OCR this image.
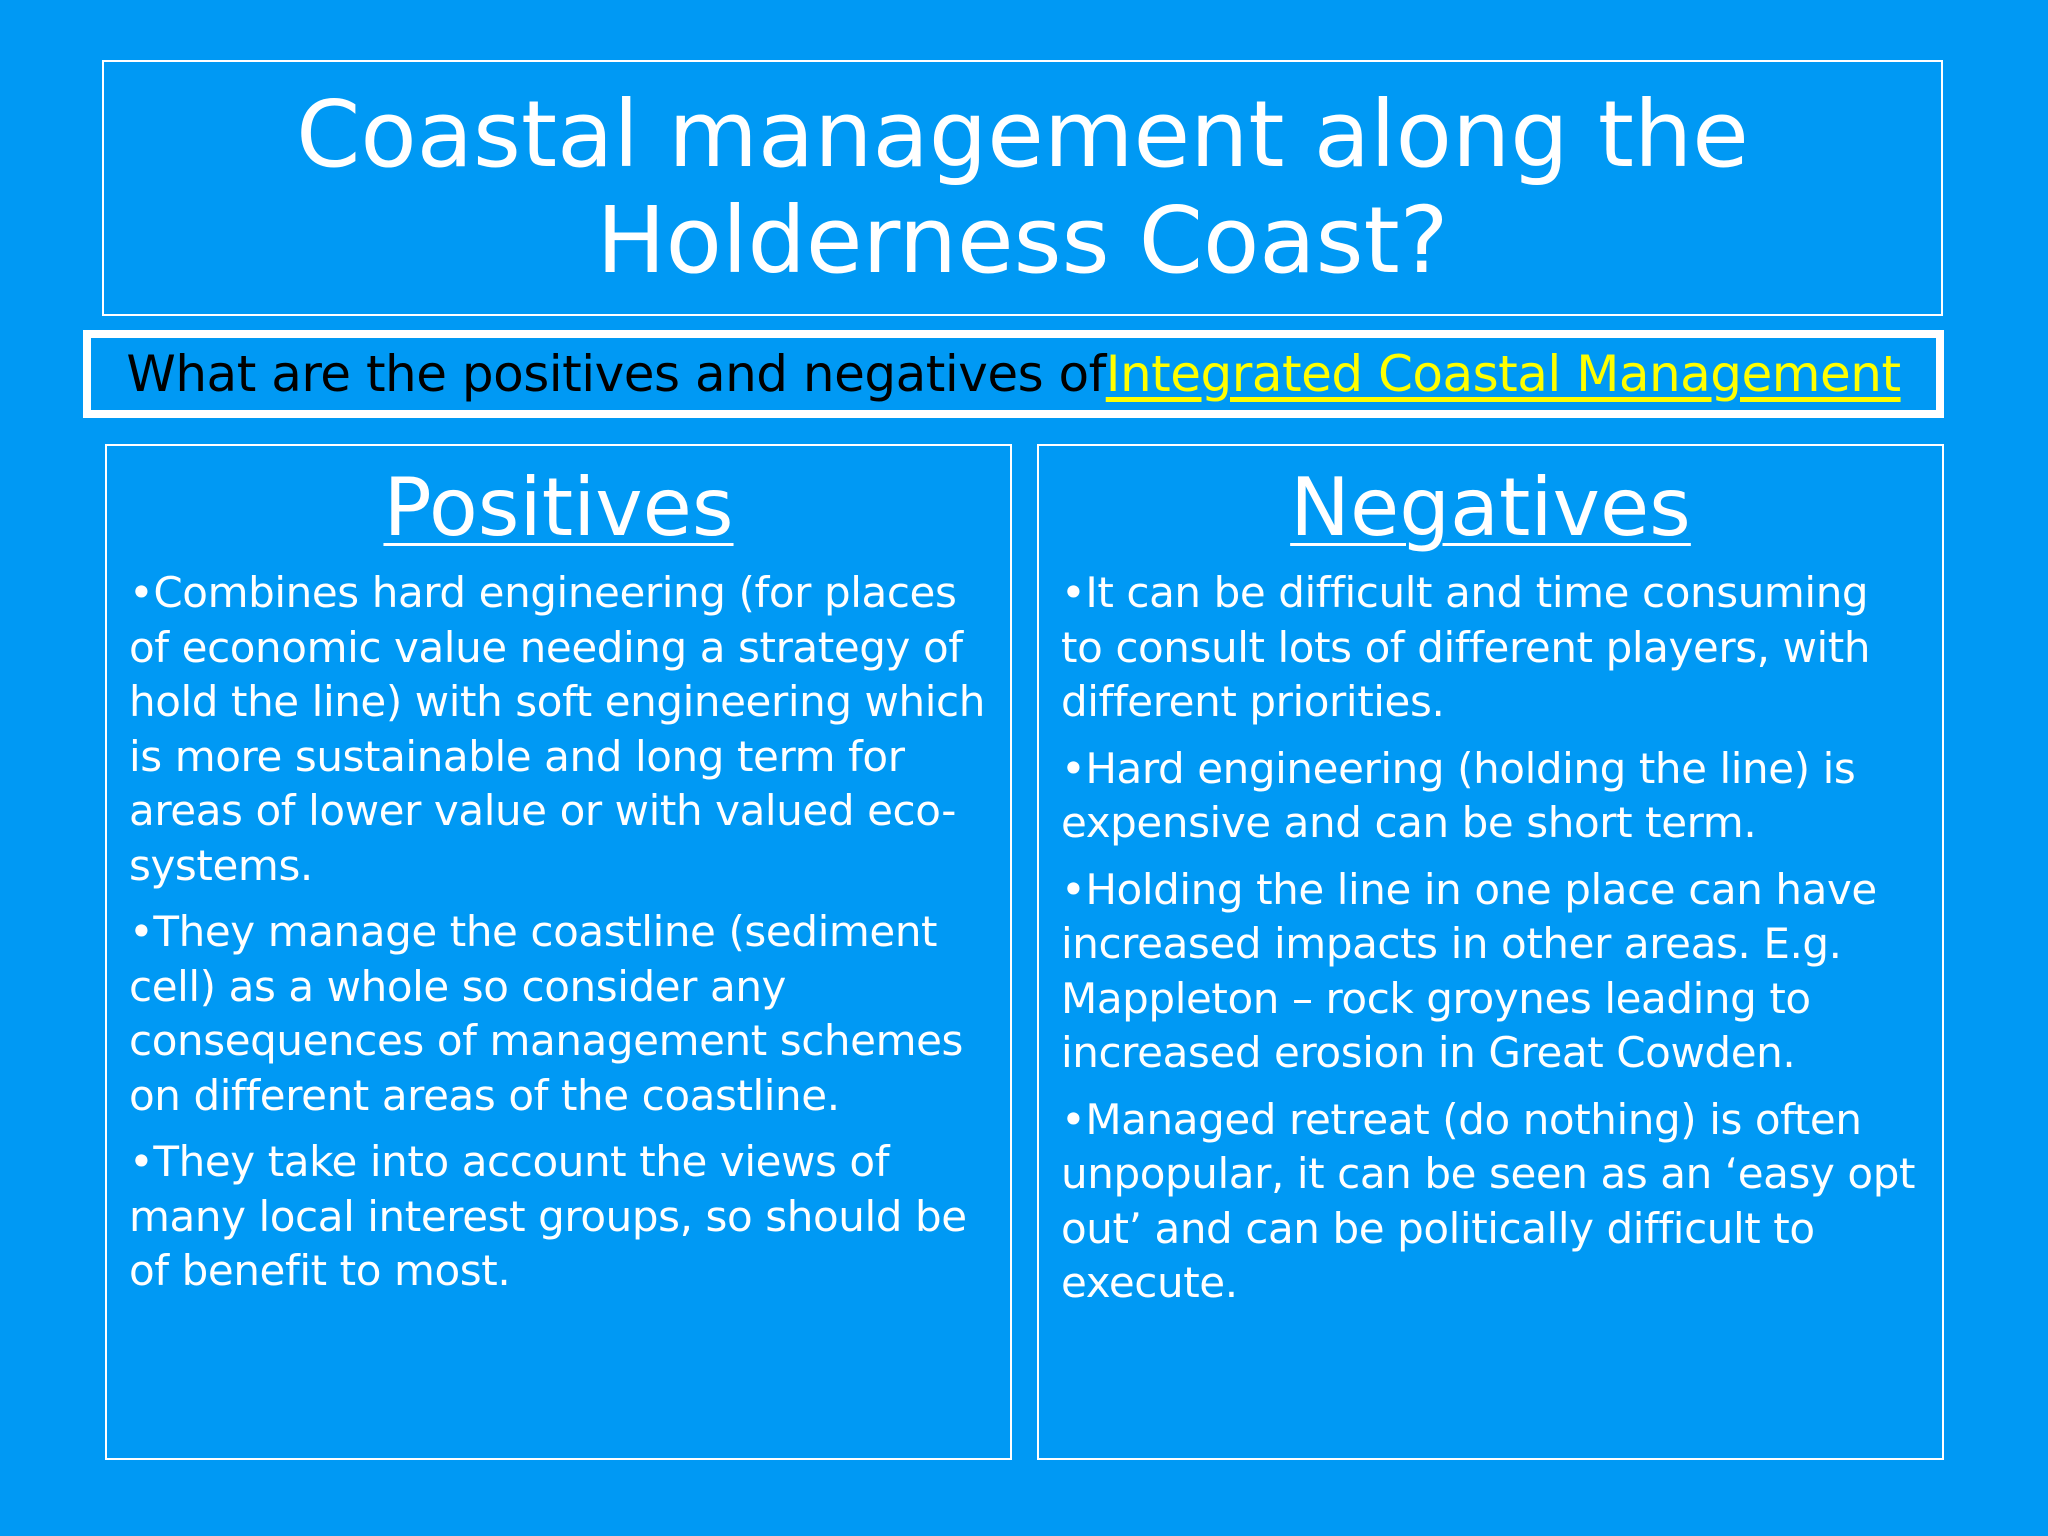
Coastal management along the Holderness Coast?
What are the positives and negatives of Integrated Coastal Management
Positives
•Combines hard engineering (for places of economic value needing a strategy of hold the line) with soft engineering which is more sustainable and long term for areas of lower value or with valued eco-systems.
•They manage the coastline (sediment cell) as a whole so consider any consequences of management schemes on different areas of the coastline.
•They take into account the views of many local interest groups, so should be of benefit to most.
Negatives
•It can be difficult and time consuming to consult lots of different players, with different priorities.
•Hard engineering (holding the line) is expensive and can be short term.
•Holding the line in one place can have increased impacts in other areas. E.g. Mappleton – rock groynes leading to increased erosion in Great Cowden.
•Managed retreat (do nothing) is often unpopular, it can be seen as an ‘easy opt out’ and can be politically difficult to execute.
